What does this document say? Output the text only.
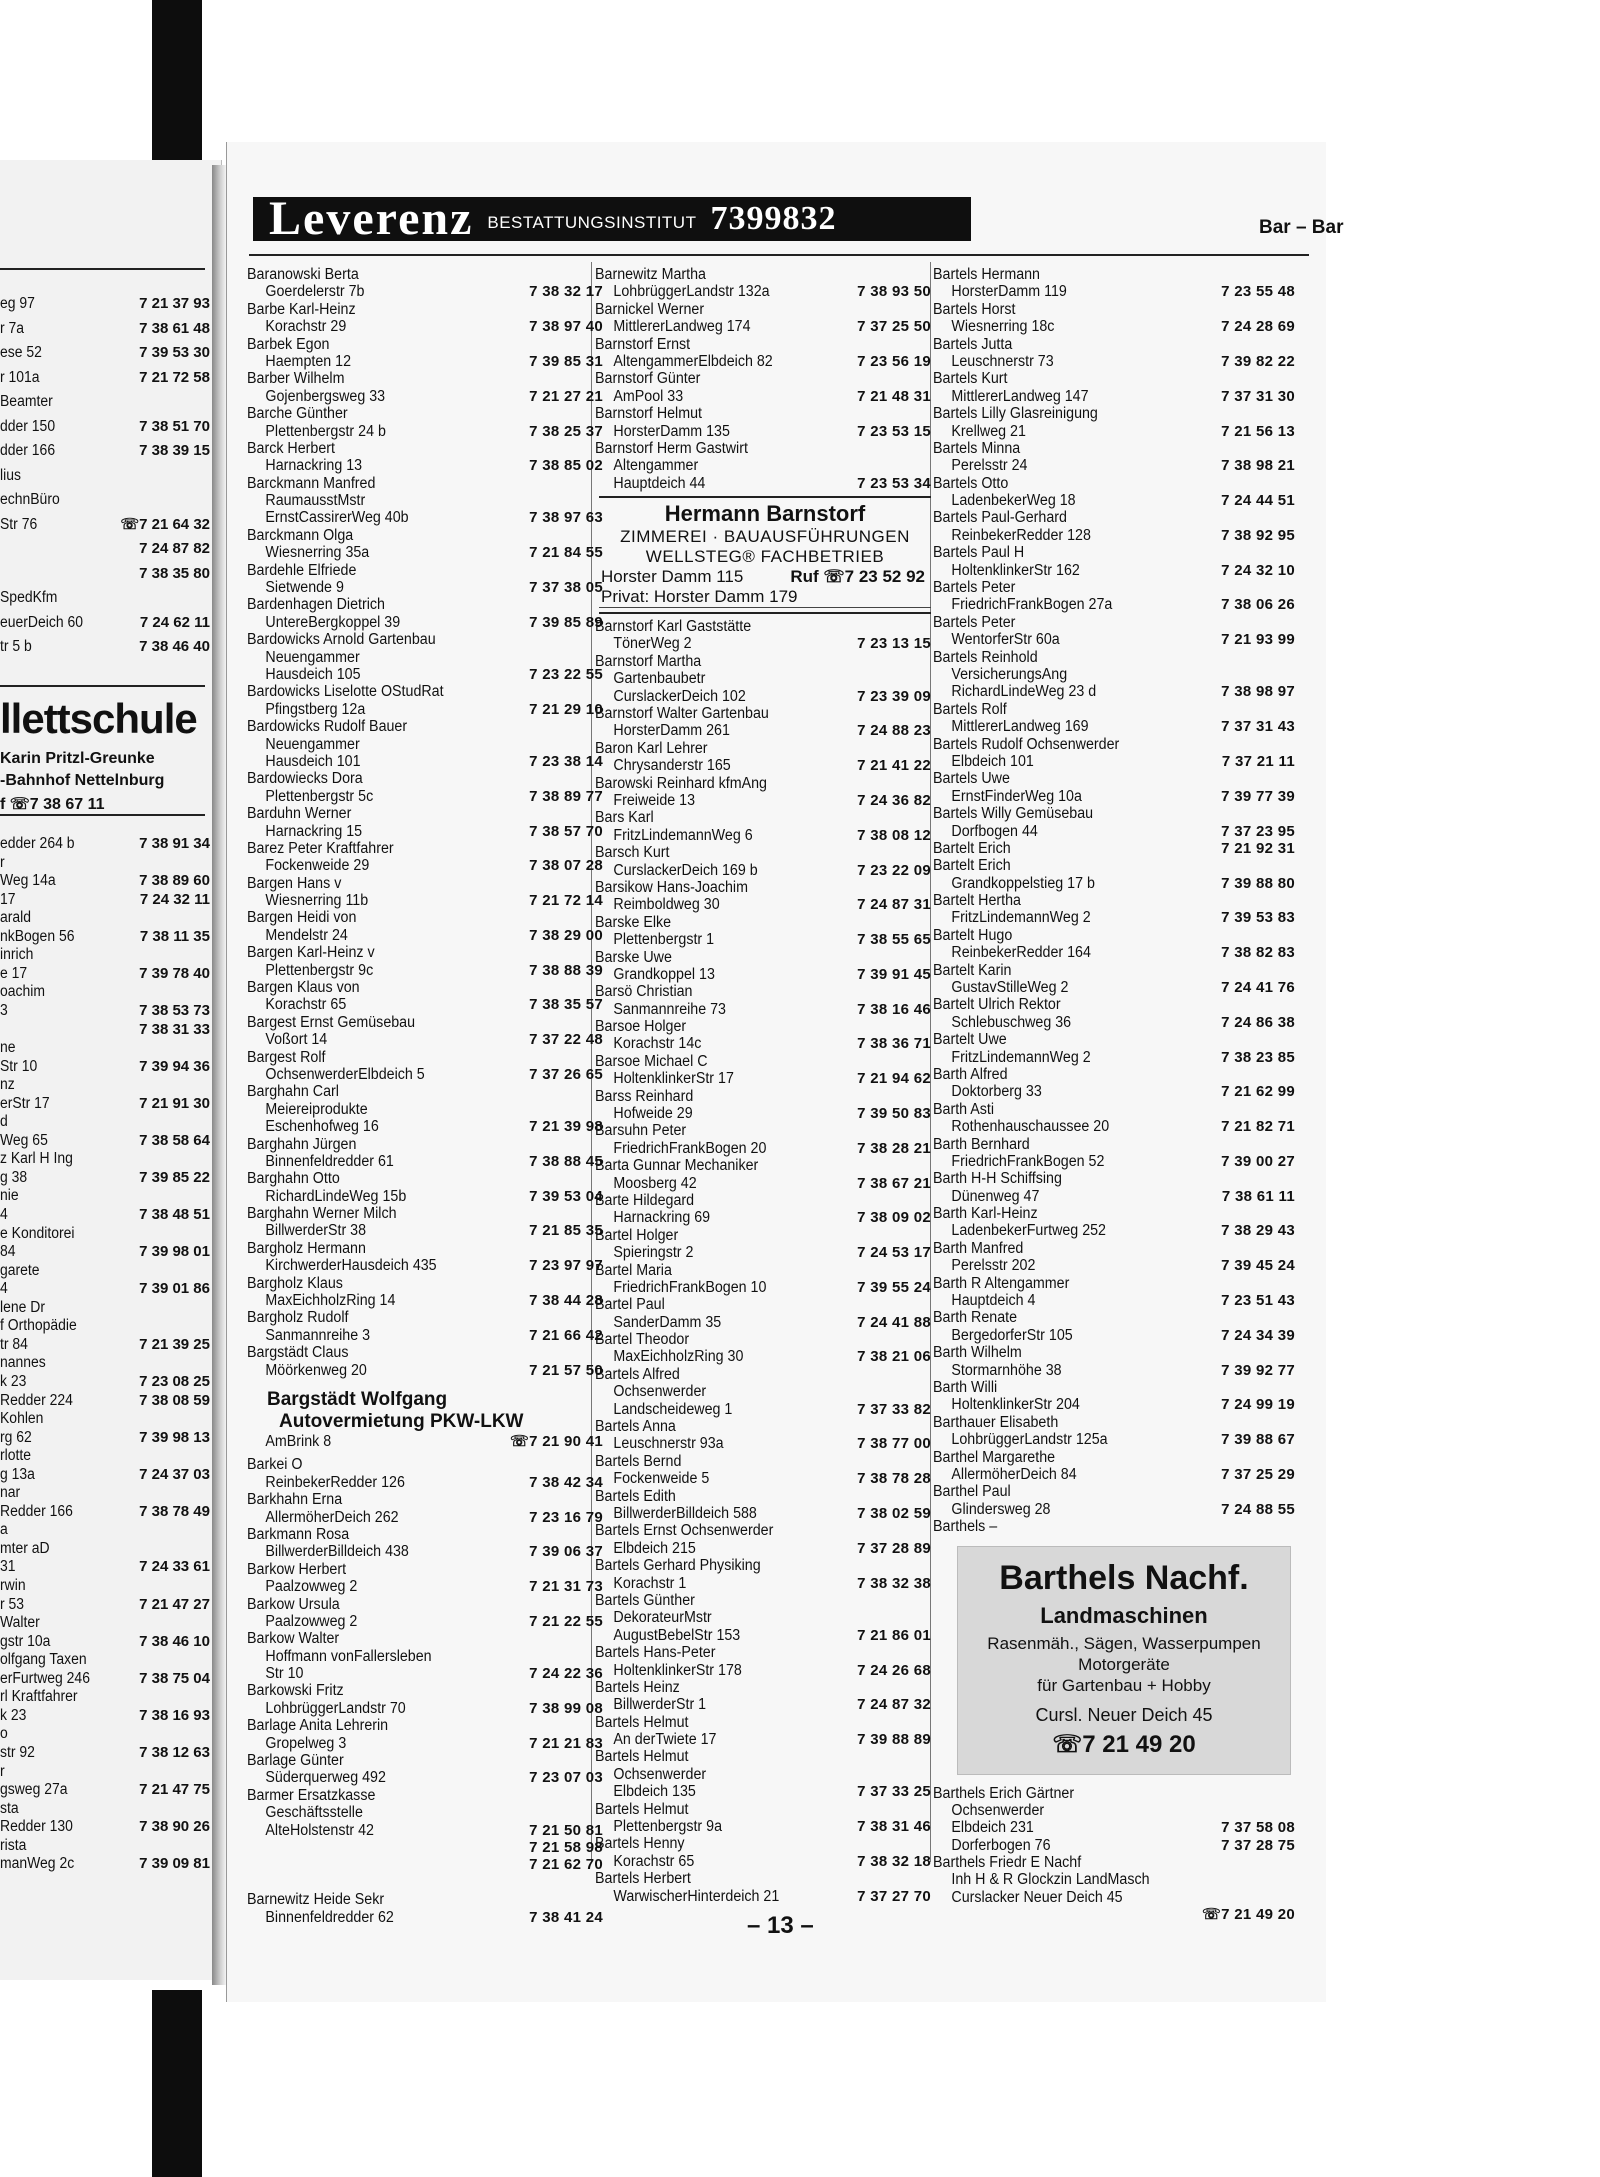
eg 97	7 21 37 93
r 7a	7 38 61 48
ese 52	7 39 53 30
r 101a	7 21 72 58
Beamter
dder 150	7 38 51 70
dder 166	7 38 39 15
lius
echnBüro
Str 76	☏7 21 64 32
7 24 87 82
7 38 35 80
SpedKfm
euerDeich 60	7 24 62 11
tr 5 b	7 38 46 40
edder 264 b	7 38 91 34
r
Weg 14a	7 38 89 60
17	7 24 32 11
arald
nkBogen 56	7 38 11 35
inrich
e 17	7 39 78 40
oachim
3	7 38 53 73
7 38 31 33
ne
Str 10	7 39 94 36
nz
erStr 17	7 21 91 30
d
Weg 65	7 38 58 64
z Karl H Ing
g 38	7 39 85 22
nie
4	7 38 48 51
e Konditorei
84	7 39 98 01
garete
4	7 39 01 86
lene Dr
f Orthopädie
tr 84	7 21 39 25
nannes
k 23	7 23 08 25
Redder 224	7 38 08 59
Kohlen
rg 62	7 39 98 13
rlotte
g 13a	7 24 37 03
nar
Redder 166	7 38 78 49
a
mter aD
31	7 24 33 61
rwin
r 53	7 21 47 27
Walter
gstr 10a	7 38 46 10
olfgang Taxen
erFurtweg 246	7 38 75 04
rl Kraftfahrer
k 23	7 38 16 93
o
str 92	7 38 12 63
r
gsweg 27a	7 21 47 75
sta
Redder 130	7 38 90 26
rista
manWeg 2c	7 39 09 81
llettschule
Karin Pritzl-Greunke
-Bahnhof Nettelnburg
f ☏7 38 67 11
Leverenz BESTATTUNGSINSTITUT 7399832	Bar – Bar
Baranowski Berta
Goerdelerstr 7b	7 38 32 17
Barbe Karl-Heinz
Korachstr 29	7 38 97 40
Barbek Egon
Haempten 12	7 39 85 31
Barber Wilhelm
Gojenbergsweg 33	7 21 27 21
Barche Günther
Plettenbergstr 24 b	7 38 25 37
Barck Herbert
Harnackring 13	7 38 85 02
Barckmann Manfred
RaumausstMstr
ErnstCassirerWeg 40b	7 38 97 63
Barckmann Olga
Wiesnerring 35a	7 21 84 55
Bardehle Elfriede
Sietwende 9	7 37 38 05
Bardenhagen Dietrich
UntereBergkoppel 39	7 39 85 89
Bardowicks Arnold Gartenbau
Neuengammer
Hausdeich 105	7 23 22 55
Bardowicks Liselotte OStudRat
Pfingstberg 12a	7 21 29 10
Bardowicks Rudolf Bauer
Neuengammer
Hausdeich 101	7 23 38 14
Bardowiecks Dora
Plettenbergstr 5c	7 38 89 77
Barduhn Werner
Harnackring 15	7 38 57 70
Barez Peter Kraftfahrer
Fockenweide 29	7 38 07 28
Bargen Hans v
Wiesnerring 11b	7 21 72 14
Bargen Heidi von
Mendelstr 24	7 38 29 00
Bargen Karl-Heinz v
Plettenbergstr 9c	7 38 88 39
Bargen Klaus von
Korachstr 65	7 38 35 57
Bargest Ernst Gemüsebau
Voßort 14	7 37 22 48
Bargest Rolf
OchsenwerderElbdeich 5	7 37 26 65
Barghahn Carl
Meiereiprodukte
Eschenhofweg 16	7 21 39 98
Barghahn Jürgen
Binnenfeldredder 61	7 38 88 45
Barghahn Otto
RichardLindeWeg 15b	7 39 53 04
Barghahn Werner Milch
BillwerderStr 38	7 21 85 35
Bargholz Hermann
KirchwerderHausdeich 435	7 23 97 97
Bargholz Klaus
MaxEichholzRing 14	7 38 44 28
Bargholz Rudolf
Sanmannreihe 3	7 21 66 42
Bargstädt Claus
Möörkenweg 20	7 21 57 50
Bargstädt Wolfgang
Autovermietung PKW-LKW
AmBrink 8	☏7 21 90 41
Barkei O
ReinbekerRedder 126	7 38 42 34
Barkhahn Erna
AllermöherDeich 262	7 23 16 79
Barkmann Rosa
BillwerderBilldeich 438	7 39 06 37
Barkow Herbert
Paalzowweg 2	7 21 31 73
Barkow Ursula
Paalzowweg 2	7 21 22 55
Barkow Walter
Hoffmann vonFallersleben
Str 10	7 24 22 36
Barkowski Fritz
LohbrüggerLandstr 70	7 38 99 08
Barlage Anita Lehrerin
Gropelweg 3	7 21 21 83
Barlage Günter
Süderquerweg 492	7 23 07 03
Barmer Ersatzkasse
Geschäftsstelle
AlteHolstenstr 42	7 21 50 81
7 21 58 98
7 21 62 70
Barnewitz Heide Sekr
Binnenfeldredder 62	7 38 41 24
Barnewitz Martha
LohbrüggerLandstr 132a	7 38 93 50
Barnickel Werner
MittlererLandweg 174	7 37 25 50
Barnstorf Ernst
AltengammerElbdeich 82	7 23 56 19
Barnstorf Günter
AmPool 33	7 21 48 31
Barnstorf Helmut
HorsterDamm 135	7 23 53 15
Barnstorf Herm Gastwirt
Altengammer
Hauptdeich 44	7 23 53 34
Hermann Barnstorf
ZIMMEREI · BAUAUSFÜHRUNGEN
WELLSTEG® FACHBETRIEB
Horster Damm 115	Ruf ☏7 23 52 92
Privat: Horster Damm 179
Barnstorf Karl Gaststätte
TönerWeg 2	7 23 13 15
Barnstorf Martha
Gartenbaubetr
CurslackerDeich 102	7 23 39 09
Barnstorf Walter Gartenbau
HorsterDamm 261	7 24 88 23
Baron Karl Lehrer
Chrysanderstr 165	7 21 41 22
Barowski Reinhard kfmAng
Freiweide 13	7 24 36 82
Bars Karl
FritzLindemannWeg 6	7 38 08 12
Barsch Kurt
CurslackerDeich 169 b	7 23 22 09
Barsikow Hans-Joachim
Reimboldweg 30	7 24 87 31
Barske Elke
Plettenbergstr 1	7 38 55 65
Barske Uwe
Grandkoppel 13	7 39 91 45
Barsö Christian
Sanmannreihe 73	7 38 16 46
Barsoe Holger
Korachstr 14c	7 38 36 71
Barsoe Michael C
HoltenklinkerStr 17	7 21 94 62
Barss Reinhard
Hofweide 29	7 39 50 83
Barsuhn Peter
FriedrichFrankBogen 20	7 38 28 21
Barta Gunnar Mechaniker
Moosberg 42	7 38 67 21
Barte Hildegard
Harnackring 69	7 38 09 02
Bartel Holger
Spieringstr 2	7 24 53 17
Bartel Maria
FriedrichFrankBogen 10	7 39 55 24
Bartel Paul
SanderDamm 35	7 24 41 88
Bartel Theodor
MaxEichholzRing 30	7 38 21 06
Bartels Alfred
Ochsenwerder
Landscheideweg 1	7 37 33 82
Bartels Anna
Leuschnerstr 93a	7 38 77 00
Bartels Bernd
Fockenweide 5	7 38 78 28
Bartels Edith
BillwerderBilldeich 588	7 38 02 59
Bartels Ernst Ochsenwerder
Elbdeich 215	7 37 28 89
Bartels Gerhard Physiking
Korachstr 1	7 38 32 38
Bartels Günther
DekorateurMstr
AugustBebelStr 153	7 21 86 01
Bartels Hans-Peter
HoltenklinkerStr 178	7 24 26 68
Bartels Heinz
BillwerderStr 1	7 24 87 32
Bartels Helmut
An derTwiete 17	7 39 88 89
Bartels Helmut
Ochsenwerder
Elbdeich 135	7 37 33 25
Bartels Helmut
Plettenbergstr 9a	7 38 31 46
Bartels Henny
Korachstr 65	7 38 32 18
Bartels Herbert
WarwischerHinterdeich 21	7 37 27 70
Bartels Hermann
HorsterDamm 119	7 23 55 48
Bartels Horst
Wiesnerring 18c	7 24 28 69
Bartels Jutta
Leuschnerstr 73	7 39 82 22
Bartels Kurt
MittlererLandweg 147	7 37 31 30
Bartels Lilly Glasreinigung
Krellweg 21	7 21 56 13
Bartels Minna
Perelsstr 24	7 38 98 21
Bartels Otto
LadenbekerWeg 18	7 24 44 51
Bartels Paul-Gerhard
ReinbekerRedder 128	7 38 92 95
Bartels Paul H
HoltenklinkerStr 162	7 24 32 10
Bartels Peter
FriedrichFrankBogen 27a	7 38 06 26
Bartels Peter
WentorferStr 60a	7 21 93 99
Bartels Reinhold
VersicherungsAng
RichardLindeWeg 23 d	7 38 98 97
Bartels Rolf
MittlererLandweg 169	7 37 31 43
Bartels Rudolf Ochsenwerder
Elbdeich 101	7 37 21 11
Bartels Uwe
ErnstFinderWeg 10a	7 39 77 39
Bartels Willy Gemüsebau
Dorfbogen 44	7 37 23 95
Bartelt Erich	7 21 92 31
Bartelt Erich
Grandkoppelstieg 17 b	7 39 88 80
Bartelt Hertha
FritzLindemannWeg 2	7 39 53 83
Bartelt Hugo
ReinbekerRedder 164	7 38 82 83
Bartelt Karin
GustavStilleWeg 2	7 24 41 76
Bartelt Ulrich Rektor
Schlebuschweg 36	7 24 86 38
Bartelt Uwe
FritzLindemannWeg 2	7 38 23 85
Barth Alfred
Doktorberg 33	7 21 62 99
Barth Asti
Rothenhauschaussee 20	7 21 82 71
Barth Bernhard
FriedrichFrankBogen 52	7 39 00 27
Barth H-H Schiffsing
Dünenweg 47	7 38 61 11
Barth Karl-Heinz
LadenbekerFurtweg 252	7 38 29 43
Barth Manfred
Perelsstr 202	7 39 45 24
Barth R Altengammer
Hauptdeich 4	7 23 51 43
Barth Renate
BergedorferStr 105	7 24 34 39
Barth Wilhelm
Stormarnhöhe 38	7 39 92 77
Barth Willi
HoltenklinkerStr 204	7 24 99 19
Barthauer Elisabeth
LohbrüggerLandstr 125a	7 39 88 67
Barthel Margarethe
AllermöherDeich 84	7 37 25 29
Barthel Paul
Glindersweg 28	7 24 88 55
Barthels –
Barthels Nachf.
Landmaschinen
Rasenmäh., Sägen, Wasserpumpen
Motorgeräte
für Gartenbau + Hobby
Cursl. Neuer Deich 45
☏7 21 49 20
Barthels Erich Gärtner
Ochsenwerder
Elbdeich 231	7 37 58 08
Dorferbogen 76	7 37 28 75
Barthels Friedr E Nachf
Inh H & R Glockzin LandMasch
Curslacker Neuer Deich 45
☏7 21 49 20
– 13 –
